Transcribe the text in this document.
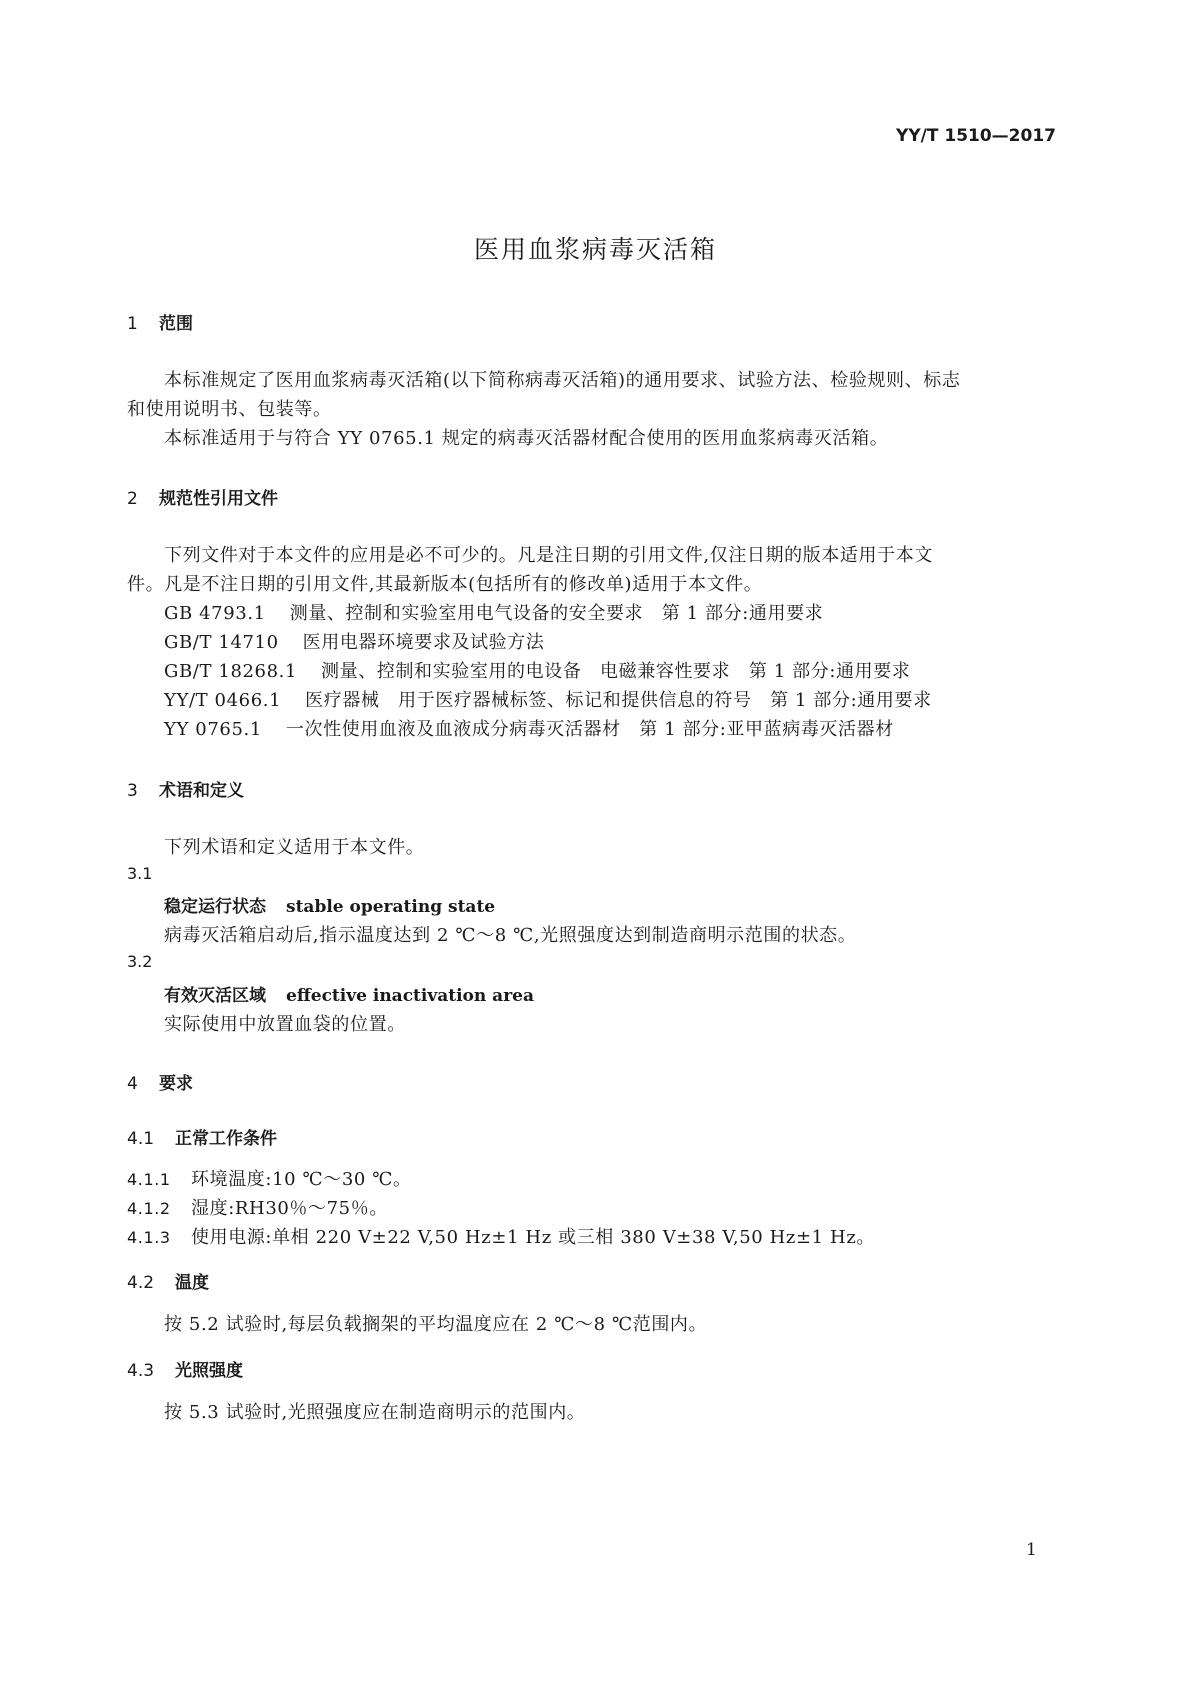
YY/T 1510—2017
医用血浆病毒灭活箱
1 范围
本标准规定了医用血浆病毒灭活箱(以下简称病毒灭活箱)的通用要求、试验方法、检验规则、标志
和使用说明书、包装等。
本标准适用于与符合 YY 0765.1 规定的病毒灭活器材配合使用的医用血浆病毒灭活箱。
2 规范性引用文件
下列文件对于本文件的应用是必不可少的。凡是注日期的引用文件,仅注日期的版本适用于本文
件。凡是不注日期的引用文件,其最新版本(包括所有的修改单)适用于本文件。
GB 4793.1 测量、控制和实验室用电气设备的安全要求　第 1 部分:通用要求
GB/T 14710 医用电器环境要求及试验方法
GB/T 18268.1 测量、控制和实验室用的电设备　电磁兼容性要求　第 1 部分:通用要求
YY/T 0466.1 医疗器械　用于医疗器械标签、标记和提供信息的符号　第 1 部分:通用要求
YY 0765.1 一次性使用血液及血液成分病毒灭活器材　第 1 部分:亚甲蓝病毒灭活器材
3 术语和定义
下列术语和定义适用于本文件。
3.1
稳定运行状态 stable operating state
病毒灭活箱启动后,指示温度达到 2 ℃～8 ℃,光照强度达到制造商明示范围的状态。
3.2
有效灭活区域 effective inactivation area
实际使用中放置血袋的位置。
4 要求
4.1 正常工作条件
4.1.1 环境温度:10 ℃～30 ℃。
4.1.2 湿度:RH30％～75％。
4.1.3 使用电源:单相 220 V±22 V,50 Hz±1 Hz 或三相 380 V±38 V,50 Hz±1 Hz。
4.2 温度
按 5.2 试验时,每层负载搁架的平均温度应在 2 ℃～8 ℃范围内。
4.3 光照强度
按 5.3 试验时,光照强度应在制造商明示的范围内。
1
